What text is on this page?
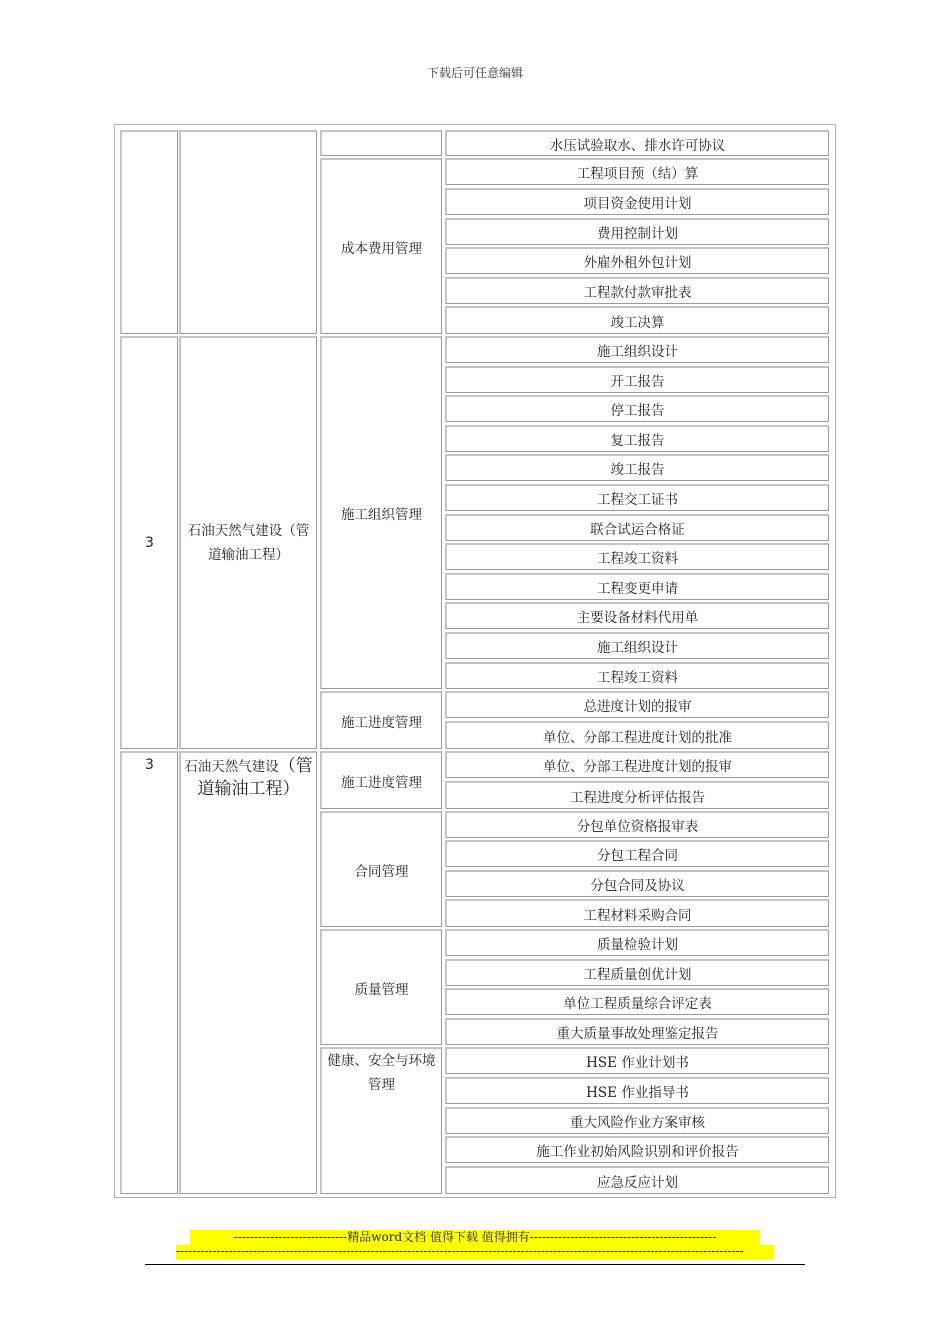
下载后可任意编辑
成本费用管理
水压试验取水、排水许可协议
工程项目预（结）算
项目资金使用计划
费用控制计划
外雇外租外包计划
工程款付款审批表
竣工决算
3
石油天然气建设（管道输油工程）
施工组织管理
施工进度管理
施工组织设计
开工报告
停工报告
复工报告
竣工报告
工程交工证书
联合试运合格证
工程竣工资料
工程变更申请
主要设备材料代用单
施工组织设计
工程竣工资料
总进度计划的报审
单位、分部工程进度计划的批准
3	石油天然气建设（管道输油工程）	施工进度管理
合同管理
质量管理
健康、安全与环境管理
单位、分部工程进度计划的报审
工程进度分析评估报告
分包单位资格报审表
分包工程合同
分包合同及协议
工程材料采购合同
质量检验计划
工程质量创优计划
单位工程质量综合评定表
重大质量事故处理鉴定报告
HSE 作业计划书
HSE 作业指导书
重大风险作业方案审核
施工作业初始风险识别和评价报告
应急反应计划
----------------------------精品word文档 值得下载 值得拥有----------------------------------------------
--------------------------------------------------------------------------------------------------------------------------------------------
